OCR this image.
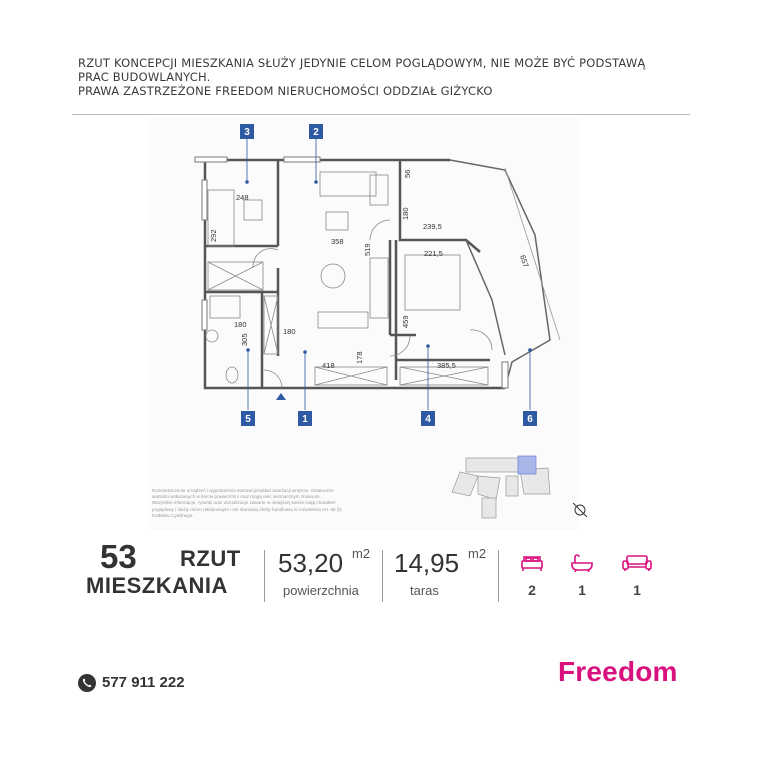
RZUT KONCEPCJI MIESZKANIA SŁUŻY JEDYNIE CELOM POGLĄDOWYM, NIE MOŻE BYĆ PODSTAWĄ
PRAC BUDOWLANYCH.
PRAWA ZASTRZEŻONE FREEDOM NIERUCHOMOŚCI ODDZIAŁ GIŻYCKO
248
292	358
519
180
56
239,5
221,5
657
459
180
180
305
418
178
385,5
3	2
5	1	4	6
Rozmieszczenie urządzeń i wyposażenia stanowi przykład aranżacji wnętrza. Ostateczne wartości wskazanych w karcie powierzchni oraz mogą ulec nieznacznym zmianom. Wszystkie informacje, rysunki oraz wizualizacje zawarte w niniejszej karcie mają charakter poglądowy i służą celom reklamowym i nie stanowią oferty handlowej w rozumieniu Art. 66 §1 Kodeksu Cywilnego.
53 RZUT
MIESZKANIA
53,20 m2
powierzchnia
14,95 m2
taras	2	1	1
577 911 222	Freedom
